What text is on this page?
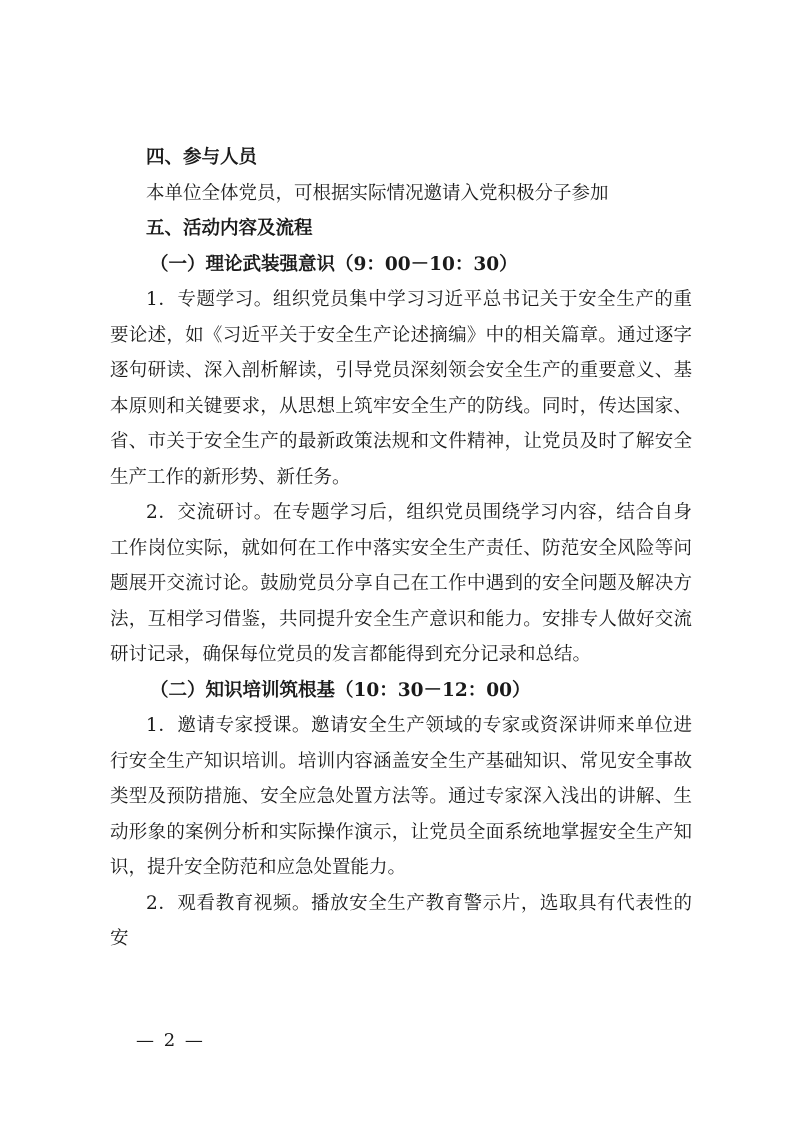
四、参与人员
本单位全体党员，可根据实际情况邀请入党积极分子参加
五、活动内容及流程
（一）理论武装强意识（9：00－10：30）

1．专题学习。组织党员集中学习习近平总书记关于安全生产的重要论述，如《习近平关于安全生产论述摘编》中的相关篇章。通过逐字逐句研读、深入剖析解读，引导党员深刻领会安全生产的重要意义、基本原则和关键要求，从思想上筑牢安全生产的防线。同时，传达国家、省、市关于安全生产的最新政策法规和文件精神，让党员及时了解安全生产工作的新形势、新任务。

2．交流研讨。在专题学习后，组织党员围绕学习内容，结合自身工作岗位实际，就如何在工作中落实安全生产责任、防范安全风险等问题展开交流讨论。鼓励党员分享自己在工作中遇到的安全问题及解决方法，互相学习借鉴，共同提升安全生产意识和能力。安排专人做好交流研讨记录，确保每位党员的发言都能得到充分记录和总结。

（二）知识培训筑根基（10：30－12：00）

1．邀请专家授课。邀请安全生产领域的专家或资深讲师来单位进行安全生产知识培训。培训内容涵盖安全生产基础知识、常见安全事故类型及预防措施、安全应急处置方法等。通过专家深入浅出的讲解、生动形象的案例分析和实际操作演示，让党员全面系统地掌握安全生产知识，提升安全防范和应急处置能力。

2．观看教育视频。播放安全生产教育警示片，选取具有代表性的安

— 2 —
